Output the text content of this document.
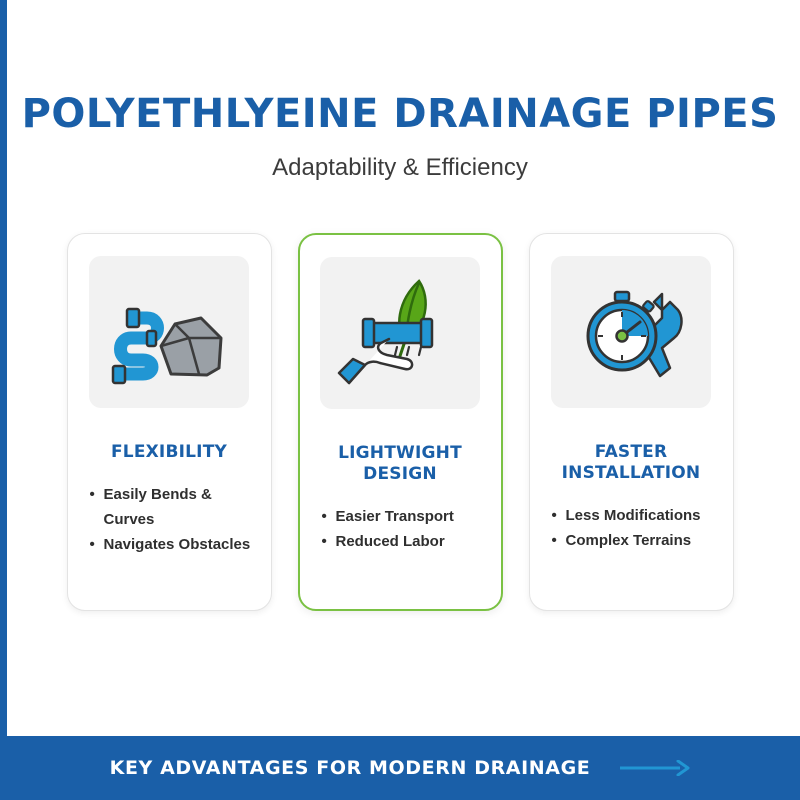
POLYETHLYEINE DRAINAGE PIPES

Adaptability & Efficiency

FLEXIBILITY
• Easily Bends & Curves
• Navigates Obstacles
LIGHTWIGHT DESIGN
• Easier Transport
• Reduced Labor
FASTER
INSTALLATION
• Less Modifications
• Complex Terrains
KEY ADVANTAGES FOR MODERN DRAINAGE
